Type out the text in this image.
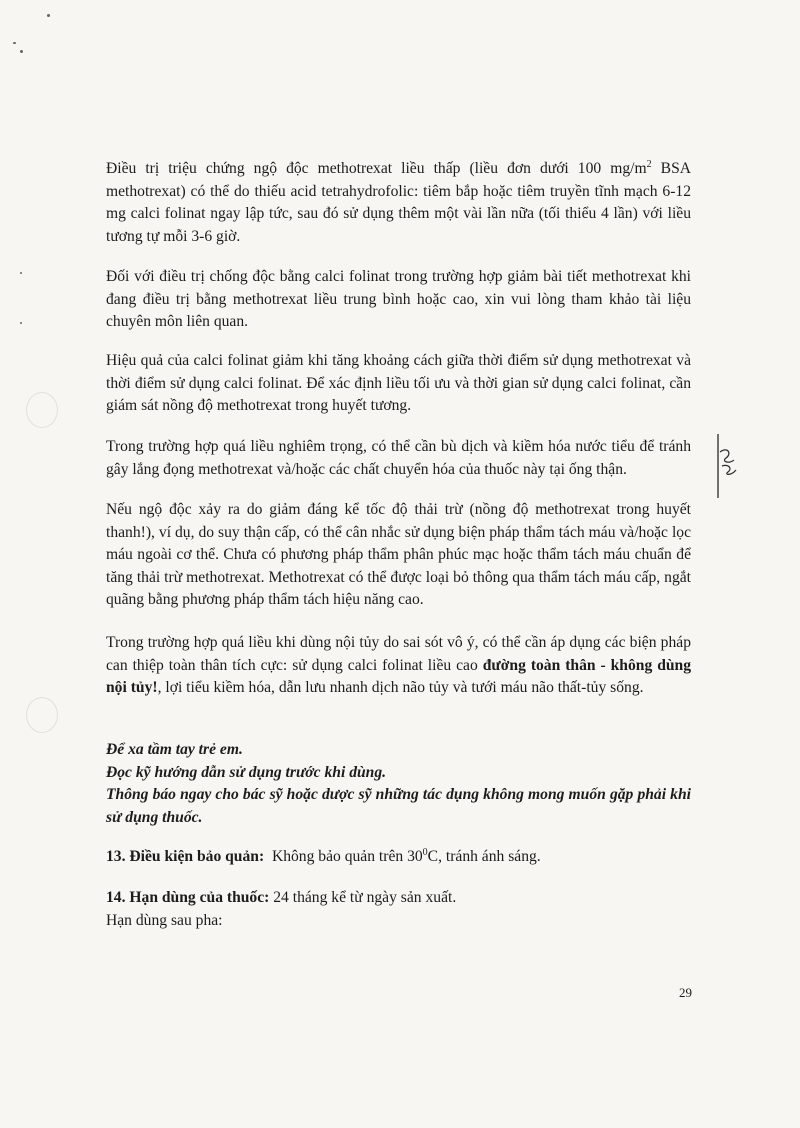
Điều trị triệu chứng ngộ độc methotrexat liều thấp (liều đơn dưới 100 $mg/m^2$ BSA methotrexat) có thể do thiếu acid tetrahydrofolic: tiêm bắp hoặc tiêm truyền tĩnh mạch 6-12 mg calci folinat ngay lập tức, sau đó sử dụng thêm một vài lần nữa (tối thiểu 4 lần) với liều tương tự mỗi 3-6 giờ.

Đối với điều trị chống độc bằng calci folinat trong trường hợp giảm bài tiết methotrexat khi đang điều trị bằng methotrexat liều trung bình hoặc cao, xin vui lòng tham khảo tài liệu chuyên môn liên quan.

Hiệu quả của calci folinat giảm khi tăng khoảng cách giữa thời điểm sử dụng methotrexat và thời điểm sử dụng calci folinat. Để xác định liều tối ưu và thời gian sử dụng calci folinat, cần giám sát nồng độ methotrexat trong huyết tương.

Trong trường hợp quá liều nghiêm trọng, có thể cần bù dịch và kiềm hóa nước tiểu để tránh gây lắng đọng methotrexat và/hoặc các chất chuyển hóa của thuốc này tại ống thận.

Nếu ngộ độc xảy ra do giảm đáng kể tốc độ thải trừ (nồng độ methotrexat trong huyết thanh!), ví dụ, do suy thận cấp, có thể cân nhắc sử dụng biện pháp thẩm tách máu và/hoặc lọc máu ngoài cơ thể. Chưa có phương pháp thẩm phân phúc mạc hoặc thẩm tách máu chuẩn để tăng thải trừ methotrexat. Methotrexat có thể được loại bỏ thông qua thẩm tách máu cấp, ngắt quãng bằng phương pháp thẩm tách hiệu năng cao.

Trong trường hợp quá liều khi dùng nội tủy do sai sót vô ý, có thể cần áp dụng các biện pháp can thiệp toàn thân tích cực: sử dụng calci folinat liều cao đường toàn thân - không dùng nội tủy!, lợi tiểu kiềm hóa, dẫn lưu nhanh dịch não tủy và tưới máu não thất-tủy sống.

Để xa tầm tay trẻ em.
Đọc kỹ hướng dẫn sử dụng trước khi dùng.
Thông báo ngay cho bác sỹ hoặc dược sỹ những tác dụng không mong muốn gặp phải khi sử dụng thuốc.
13. Điều kiện bảo quản: Không bảo quản trên $30^0C$, tránh ánh sáng.
14. Hạn dùng của thuốc: 24 tháng kể từ ngày sản xuất.
Hạn dùng sau pha:
29
